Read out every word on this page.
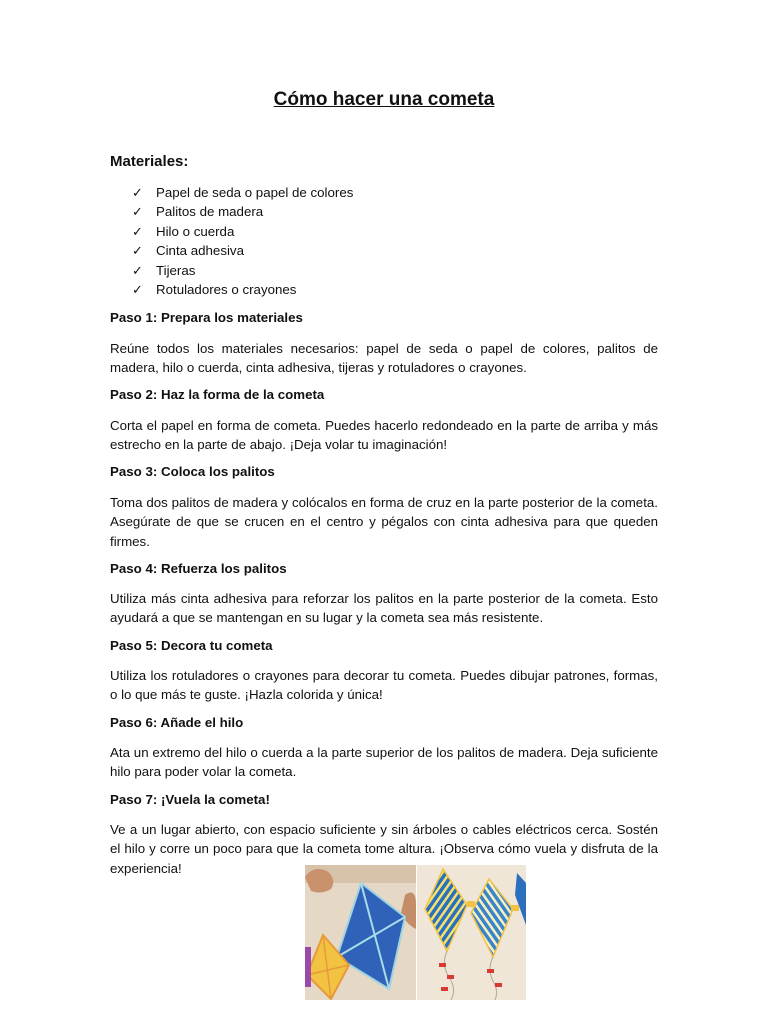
Cómo hacer una cometa
Materiales:
✓ Papel de seda o papel de colores
✓ Palitos de madera
✓ Hilo o cuerda
✓ Cinta adhesiva
✓ Tijeras
✓ Rotuladores o crayones
Paso 1: Prepara los materiales

Reúne todos los materiales necesarios: papel de seda o papel de colores, palitos de madera, hilo o cuerda, cinta adhesiva, tijeras y rotuladores o crayones.

Paso 2: Haz la forma de la cometa

Corta el papel en forma de cometa. Puedes hacerlo redondeado en la parte de arriba y más estrecho en la parte de abajo. ¡Deja volar tu imaginación!

Paso 3: Coloca los palitos

Toma dos palitos de madera y colócalos en forma de cruz en la parte posterior de la cometa. Asegúrate de que se crucen en el centro y pégalos con cinta adhesiva para que queden firmes.

Paso 4: Refuerza los palitos

Utiliza más cinta adhesiva para reforzar los palitos en la parte posterior de la cometa. Esto ayudará a que se mantengan en su lugar y la cometa sea más resistente.

Paso 5: Decora tu cometa

Utiliza los rotuladores o crayones para decorar tu cometa. Puedes dibujar patrones, formas, o lo que más te guste. ¡Hazla colorida y única!

Paso 6: Añade el hilo

Ata un extremo del hilo o cuerda a la parte superior de los palitos de madera. Deja suficiente hilo para poder volar la cometa.

Paso 7: ¡Vuela la cometa!

Ve a un lugar abierto, con espacio suficiente y sin árboles o cables eléctricos cerca. Sostén el hilo y corre un poco para que la cometa tome altura. ¡Observa cómo vuela y disfruta de la experiencia!
